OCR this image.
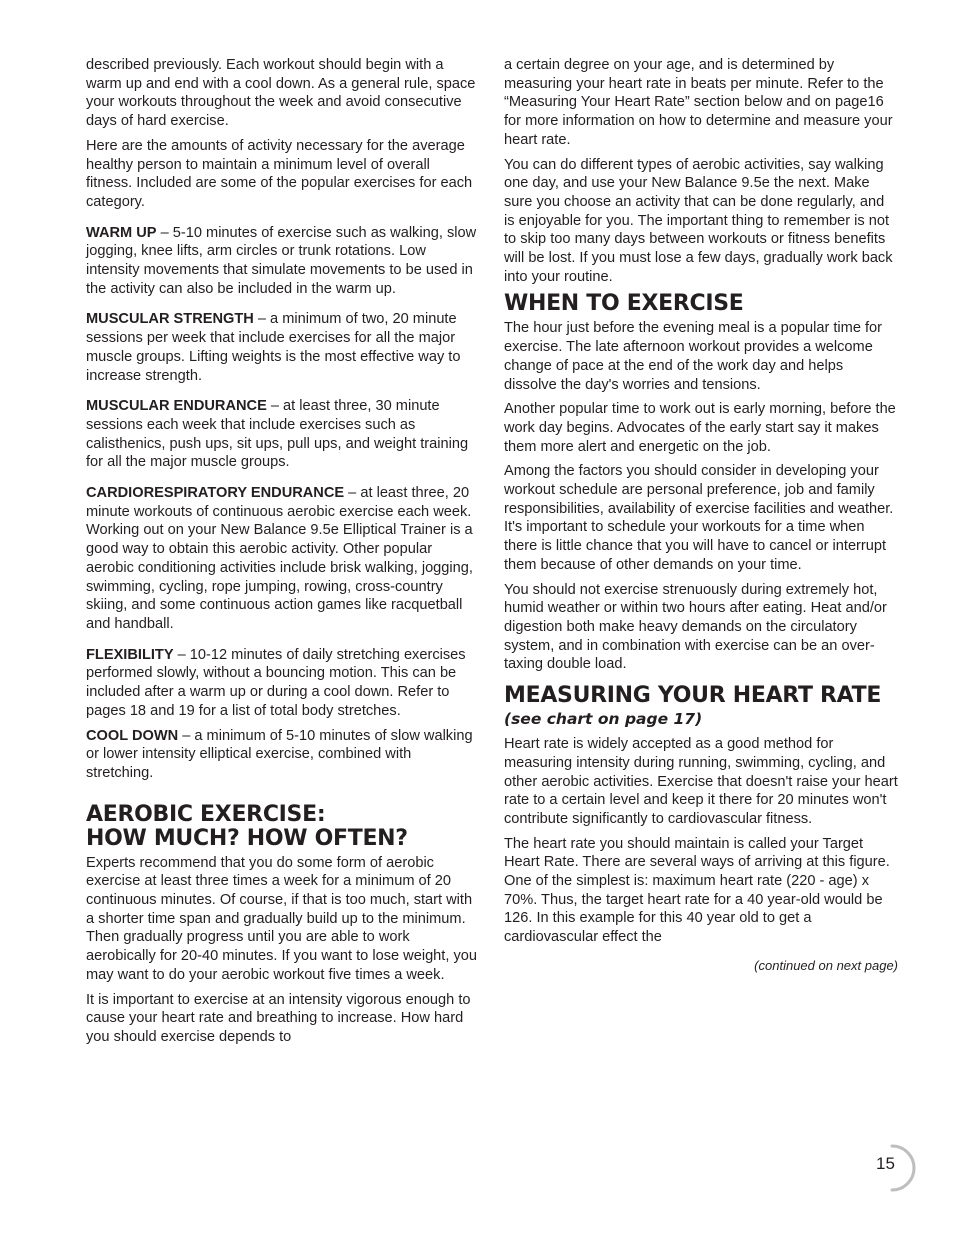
described previously. Each workout should begin with a warm up and end with a cool down. As a general rule, space your workouts throughout the week and avoid consecutive days of hard exercise.

Here are the amounts of activity necessary for the average healthy person to maintain a minimum level of overall fitness. Included are some of the popular exercises for each category.

WARM UP – 5-10 minutes of exercise such as walking, slow jogging, knee lifts, arm circles or trunk rotations. Low intensity movements that simulate movements to be used in the activity can also be included in the warm up.

MUSCULAR STRENGTH – a minimum of two, 20 minute sessions per week that include exercises for all the major muscle groups. Lifting weights is the most effective way to increase strength.

MUSCULAR ENDURANCE – at least three, 30 minute sessions each week that include exercises such as calisthenics, push ups, sit ups, pull ups, and weight training for all the major muscle groups.

CARDIORESPIRATORY ENDURANCE – at least three, 20 minute workouts of continuous aerobic exercise each week. Working out on your New Balance 9.5e Elliptical Trainer is a good way to obtain this aerobic activity. Other popular aerobic conditioning activities include brisk walking, jogging, swimming, cycling, rope jumping, rowing, cross-country skiing, and some continuous action games like racquetball and handball.

FLEXIBILITY – 10-12 minutes of daily stretching exercises performed slowly, without a bouncing motion. This can be included after a warm up or during a cool down. Refer to pages 18 and 19 for a list of total body stretches.

COOL DOWN – a minimum of 5-10 minutes of slow walking or lower intensity elliptical exercise, combined with stretching.

AEROBIC EXERCISE:
HOW MUCH? HOW OFTEN?

Experts recommend that you do some form of aerobic exercise at least three times a week for a minimum of 20 continuous minutes. Of course, if that is too much, start with a shorter time span and gradually build up to the minimum. Then gradually progress until you are able to work aerobically for 20-40 minutes. If you want to lose weight, you may want to do your aerobic workout five times a week.

It is important to exercise at an intensity vigorous enough to cause your heart rate and breathing to increase. How hard you should exercise depends to

a certain degree on your age, and is determined by measuring your heart rate in beats per minute. Refer to the “Measuring Your Heart Rate” section below and on page16 for more information on how to determine and measure your heart rate.

You can do different types of aerobic activities, say walking one day, and use your New Balance 9.5e the next. Make sure you choose an activity that can be done regularly, and is enjoyable for you. The important thing to remember is not to skip too many days between workouts or fitness benefits will be lost. If you must lose a few days, gradually work back into your routine.

WHEN TO EXERCISE

The hour just before the evening meal is a popular time for exercise. The late afternoon workout provides a welcome change of pace at the end of the work day and helps dissolve the day's worries and tensions.

Another popular time to work out is early morning, before the work day begins. Advocates of the early start say it makes them more alert and energetic on the job.

Among the factors you should consider in developing your workout schedule are personal preference, job and family responsibilities, availability of exercise facilities and weather. It's important to schedule your workouts for a time when there is little chance that you will have to cancel or interrupt them because of other demands on your time.

You should not exercise strenuously during extremely hot, humid weather or within two hours after eating. Heat and/or digestion both make heavy demands on the circulatory system, and in combination with exercise can be an over-taxing double load.

MEASURING YOUR HEART RATE
(see chart on page 17)

Heart rate is widely accepted as a good method for measuring intensity during running, swimming, cycling, and other aerobic activities. Exercise that doesn't raise your heart rate to a certain level and keep it there for 20 minutes won't contribute significantly to cardiovascular fitness.

The heart rate you should maintain is called your Target Heart Rate. There are several ways of arriving at this figure. One of the simplest is: maximum heart rate (220 - age) x 70%. Thus, the target heart rate for a 40 year-old would be 126. In this example for this 40 year old to get a cardiovascular effect the

(continued on next page)
15
